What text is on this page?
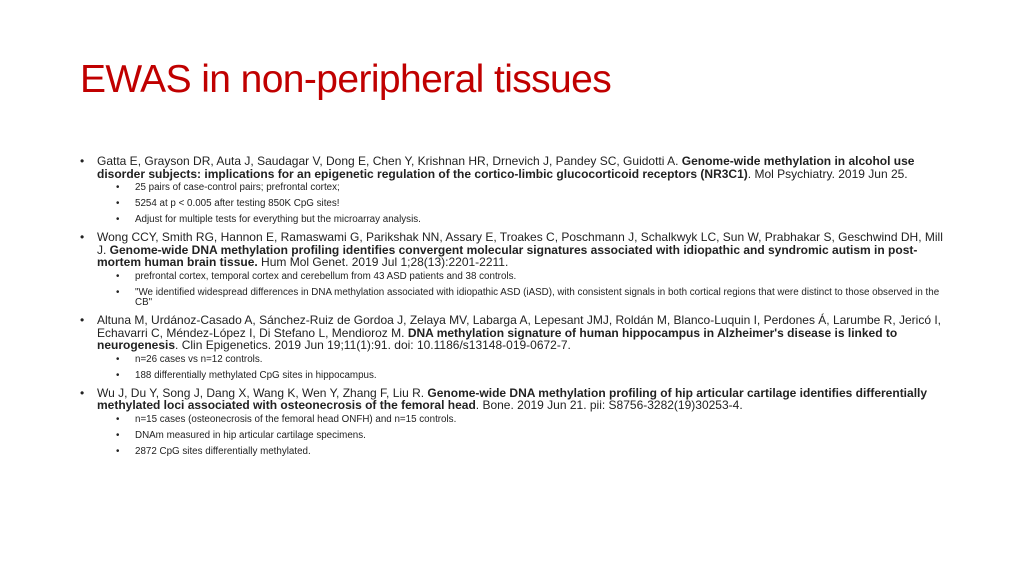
EWAS in non-peripheral tissues
• Gatta E, Grayson DR, Auta J, Saudagar V, Dong E, Chen Y, Krishnan HR, Drnevich J, Pandey SC, Guidotti A. Genome-wide methylation in alcohol use disorder subjects: implications for an epigenetic regulation of the cortico-limbic glucocorticoid receptors (NR3C1). Mol Psychiatry. 2019 Jun 25.
• 25 pairs of case-control pairs; prefrontal cortex;
• 5254 at p < 0.005 after testing 850K CpG sites!
• Adjust for multiple tests for everything but the microarray analysis.
• Wong CCY, Smith RG, Hannon E, Ramaswami G, Parikshak NN, Assary E, Troakes C, Poschmann J, Schalkwyk LC, Sun W, Prabhakar S, Geschwind DH, Mill J. Genome-wide DNA methylation profiling identifies convergent molecular signatures associated with idiopathic and syndromic autism in post-mortem human brain tissue. Hum Mol Genet. 2019 Jul 1;28(13):2201-2211.
• prefrontal cortex, temporal cortex and cerebellum from 43 ASD patients and 38 controls.
• "We identified widespread differences in DNA methylation associated with idiopathic ASD (iASD), with consistent signals in both cortical regions that were distinct to those observed in the CB"
• Altuna M, Urdánoz-Casado A, Sánchez-Ruiz de Gordoa J, Zelaya MV, Labarga A, Lepesant JMJ, Roldán M, Blanco-Luquin I, Perdones Á, Larumbe R, Jericó I, Echavarri C, Méndez-López I, Di Stefano L, Mendioroz M. DNA methylation signature of human hippocampus in Alzheimer's disease is linked to neurogenesis. Clin Epigenetics. 2019 Jun 19;11(1):91. doi: 10.1186/s13148-019-0672-7.
• n=26 cases vs n=12 controls.
• 188 differentially methylated CpG sites in hippocampus.
• Wu J, Du Y, Song J, Dang X, Wang K, Wen Y, Zhang F, Liu R. Genome-wide DNA methylation profiling of hip articular cartilage identifies differentially methylated loci associated with osteonecrosis of the femoral head. Bone. 2019 Jun 21. pii: S8756-3282(19)30253-4.
• n=15 cases (osteonecrosis of the femoral head ONFH) and n=15 controls.
• DNAm measured in hip articular cartilage specimens.
• 2872 CpG sites differentially methylated.
